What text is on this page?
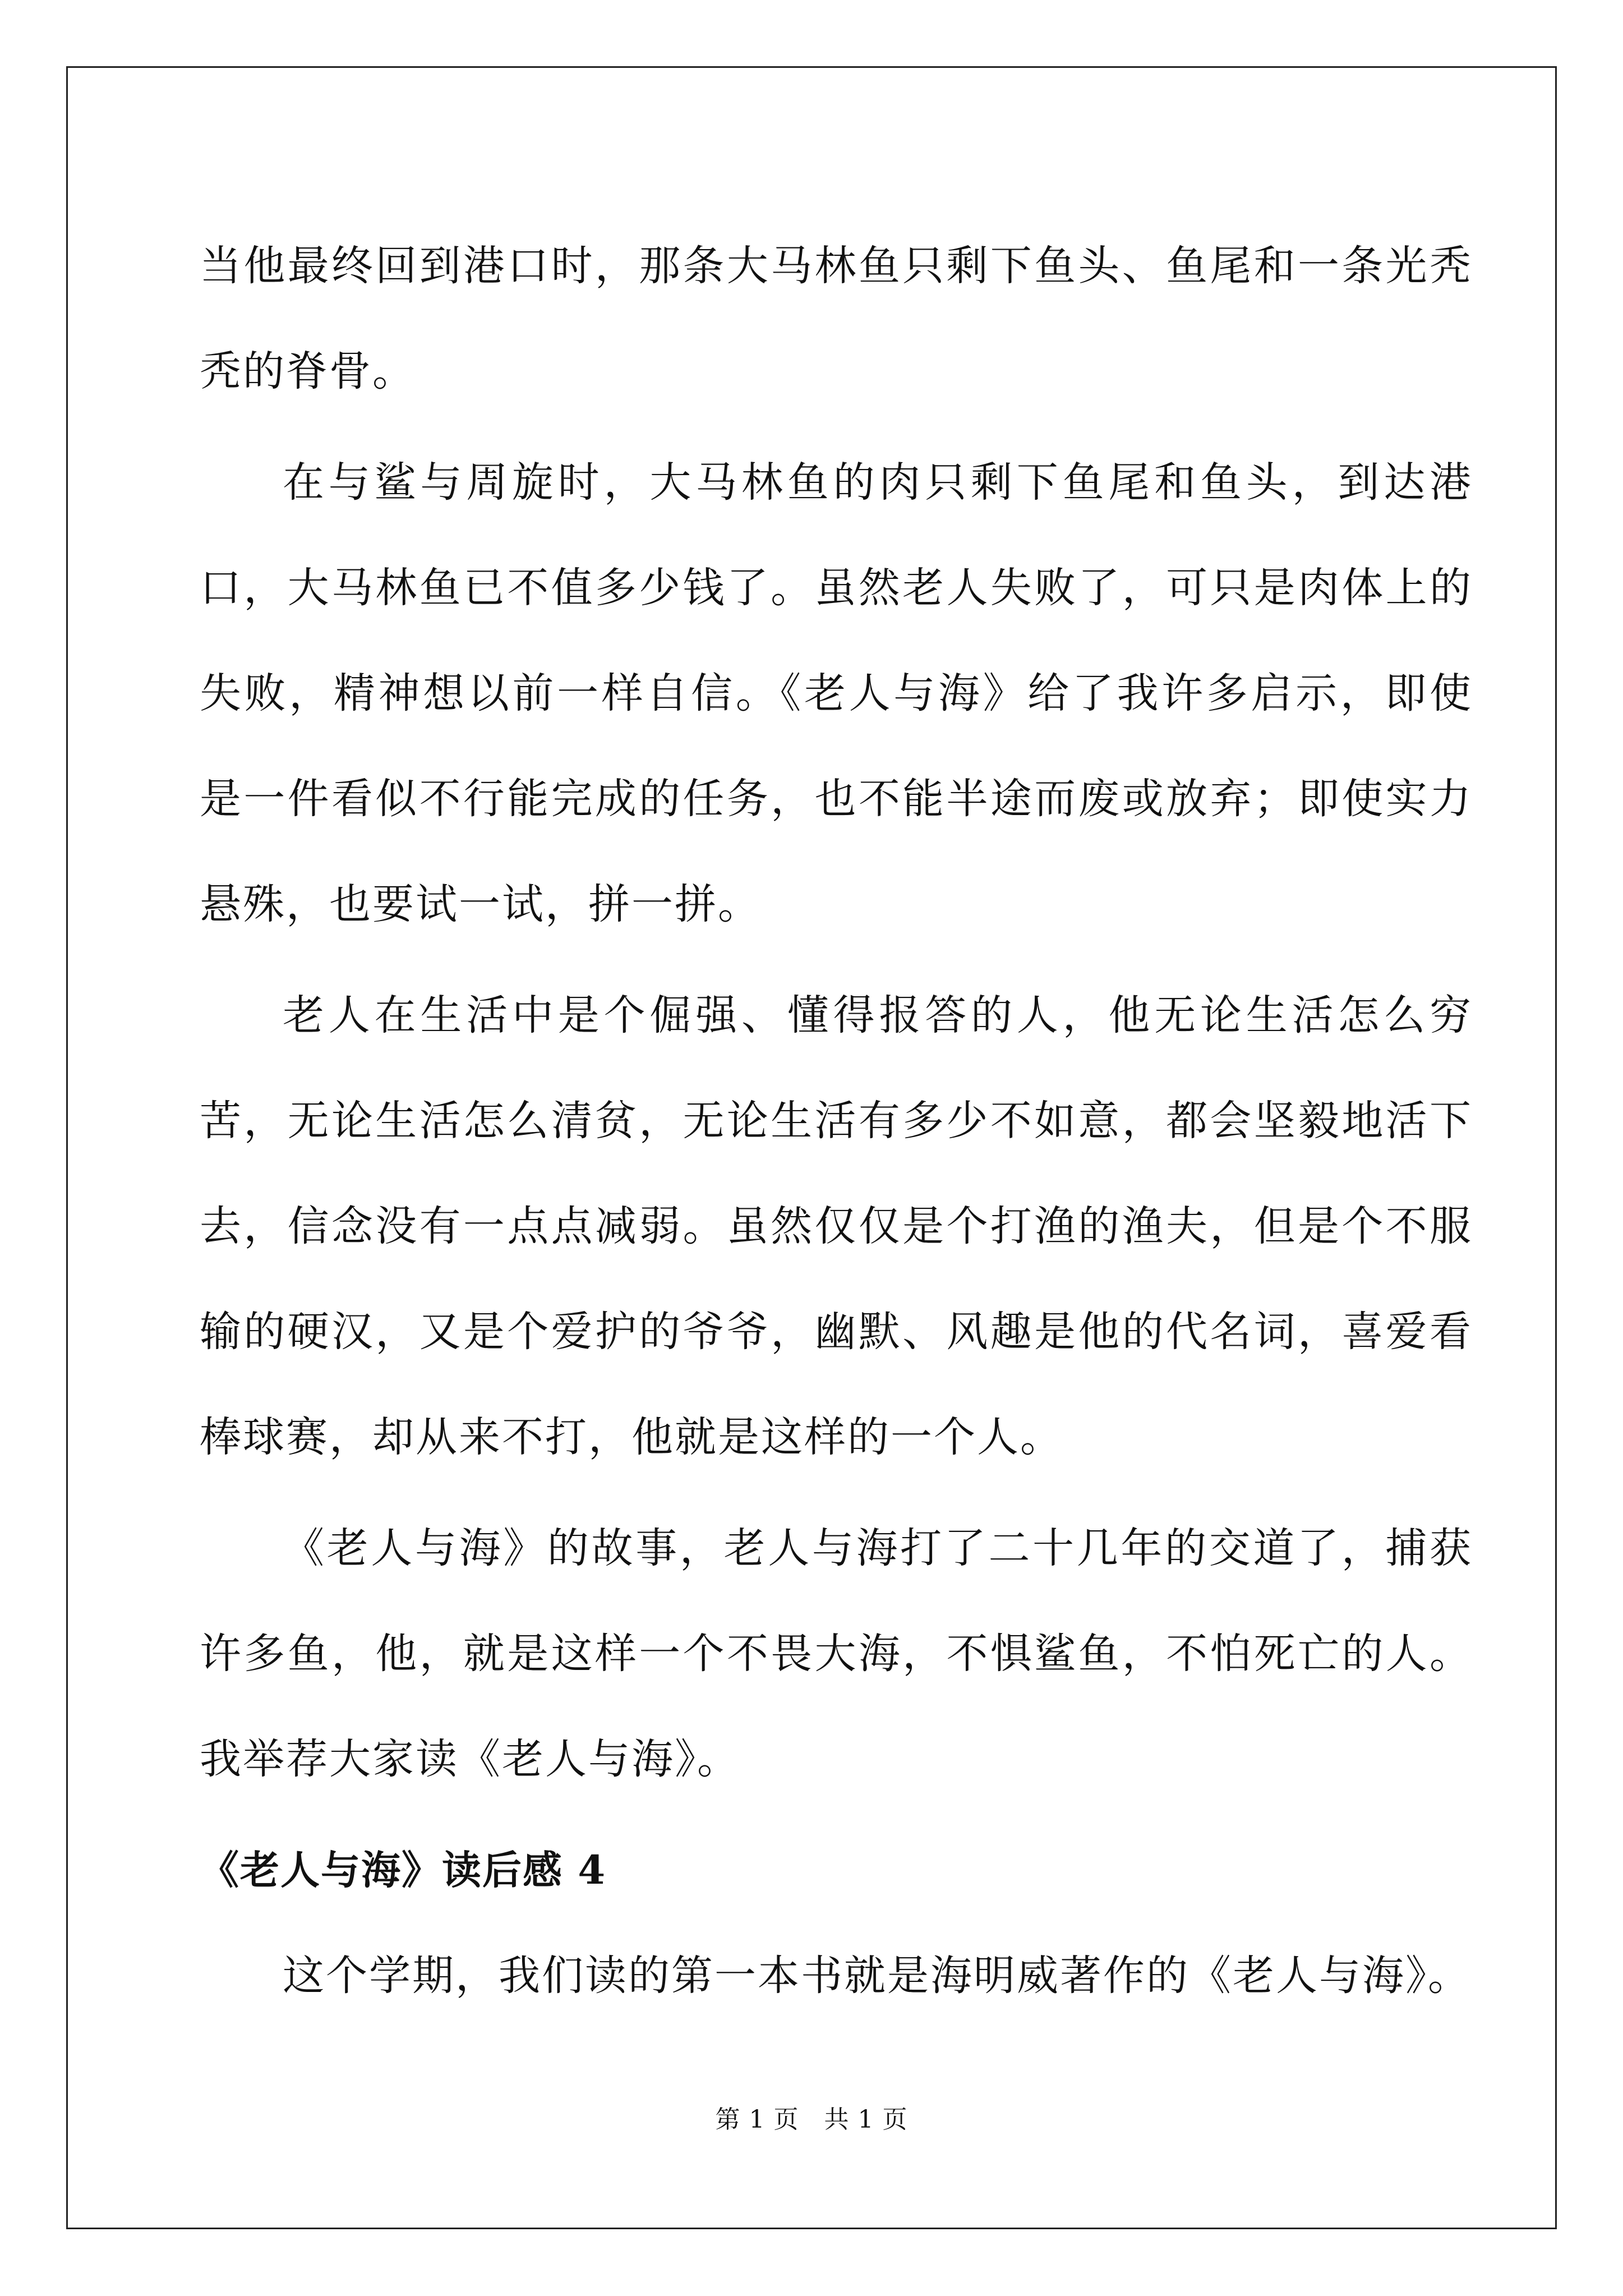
当他最终回到港口时，那条大马林鱼只剩下鱼头、鱼尾和一条光秃秃的脊骨。

在与鲨与周旋时，大马林鱼的肉只剩下鱼尾和鱼头，到达港口，大马林鱼已不值多少钱了。虽然老人失败了，可只是肉体上的失败，精神想以前一样自信。《老人与海》给了我许多启示，即使是一件看似不行能完成的任务，也不能半途而废或放弃；即使实力悬殊，也要试一试，拼一拼。

老人在生活中是个倔强、懂得报答的人，他无论生活怎么穷苦，无论生活怎么清贫，无论生活有多少不如意，都会坚毅地活下去，信念没有一点点减弱。虽然仅仅是个打渔的渔夫，但是个不服输的硬汉，又是个爱护的爷爷，幽默、风趣是他的代名词，喜爱看棒球赛，却从来不打，他就是这样的一个人。

《老人与海》的故事，老人与海打了二十几年的交道了，捕获许多鱼，他，就是这样一个不畏大海，不惧鲨鱼，不怕死亡的人。我举荐大家读《老人与海》。

《老人与海》读后感 4

这个学期，我们读的第一本书就是海明威著作的《老人与海》。

第 1 页   共 1 页
